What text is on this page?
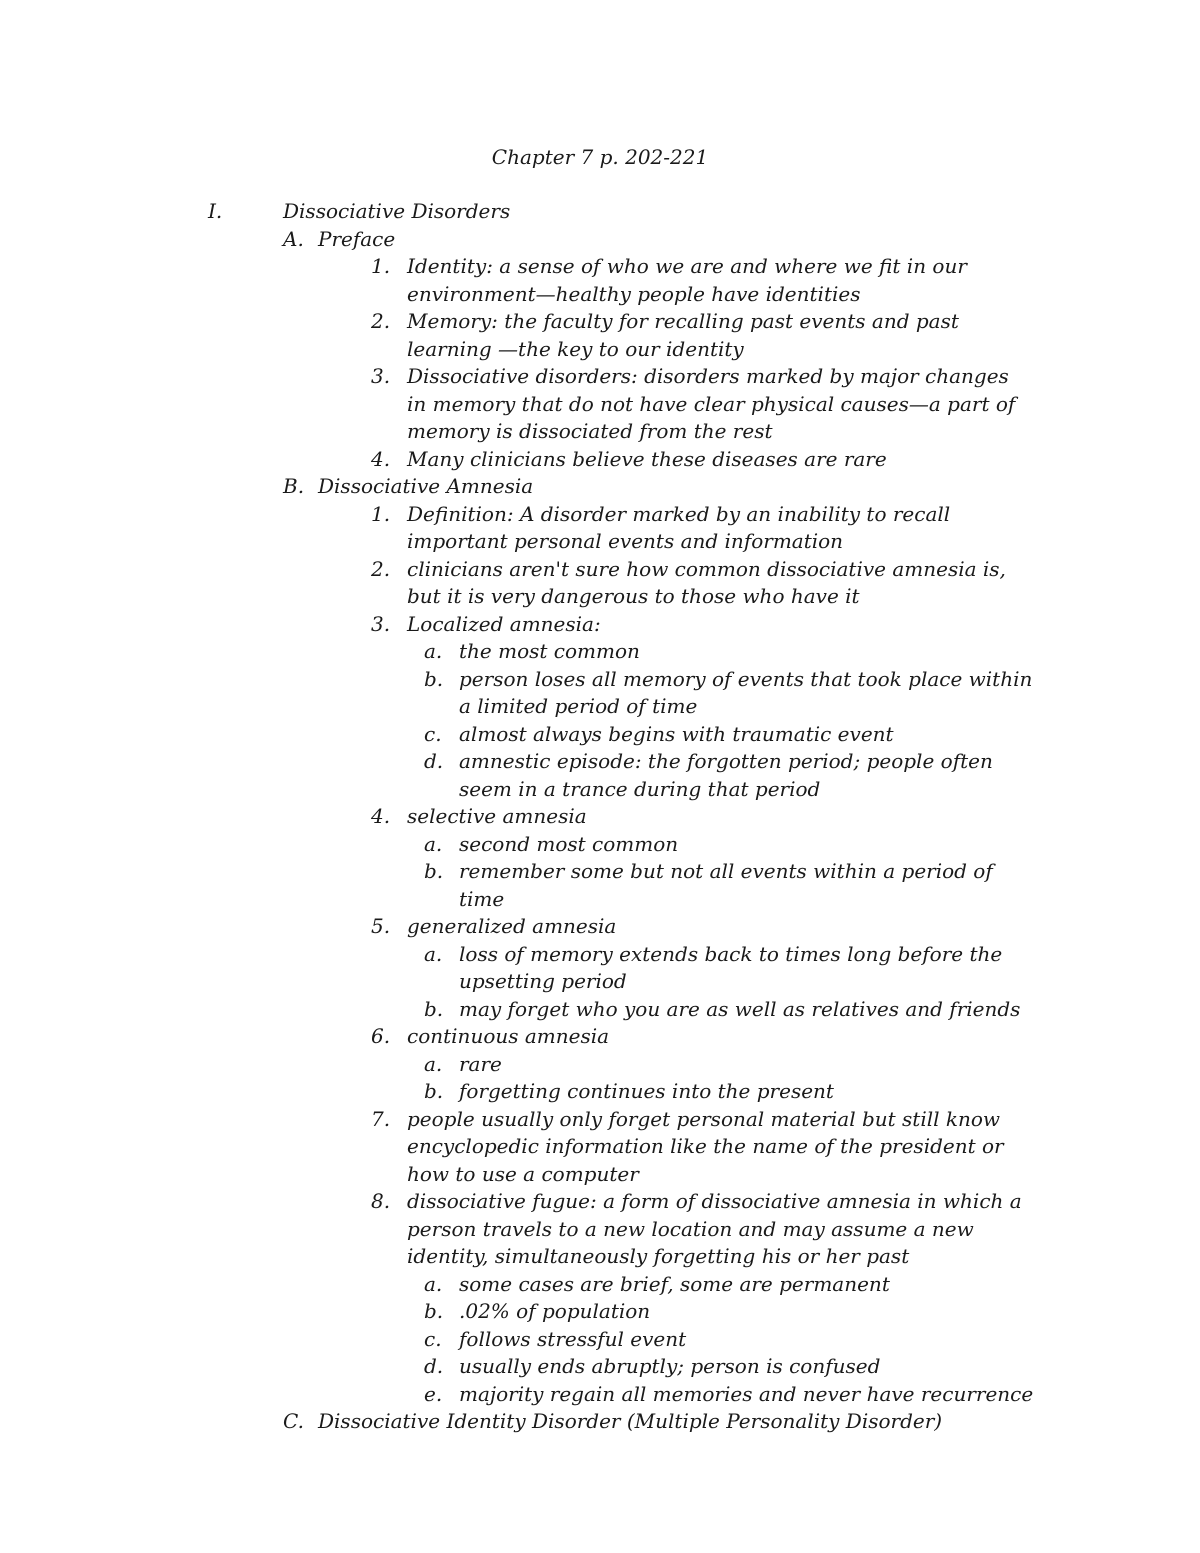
Chapter 7 p. 202-221
I.	Dissociative Disorders
A. Preface
1. Identity: a sense of who we are and where we fit in our environment—healthy people have identities
2. Memory: the faculty for recalling past events and past learning —the key to our identity
3. Dissociative disorders: disorders marked by major changes in memory that do not have clear physical causes—a part of memory is dissociated from the rest
4. Many clinicians believe these diseases are rare
B. Dissociative Amnesia
1. Definition: A disorder marked by an inability to recall important personal events and information
2. clinicians aren't sure how common dissociative amnesia is, but it is very dangerous to those who have it
3. Localized amnesia:
a. the most common
b. person loses all memory of events that took place within a limited period of time
c. almost always begins with traumatic event
d. amnestic episode: the forgotten period; people often seem in a trance during that period
4. selective amnesia
a. second most common
b. remember some but not all events within a period of time
5. generalized amnesia
a. loss of memory extends back to times long before the upsetting period
b. may forget who you are as well as relatives and friends
6. continuous amnesia
a. rare
b. forgetting continues into the present
7. people usually only forget personal material but still know encyclopedic information like the name of the president or how to use a computer
8. dissociative fugue: a form of dissociative amnesia in which a person travels to a new location and may assume a new identity, simultaneously forgetting his or her past
a. some cases are brief, some are permanent
b. .02% of population
c. follows stressful event
d. usually ends abruptly; person is confused
e. majority regain all memories and never have recurrence
C. Dissociative Identity Disorder (Multiple Personality Disorder)
